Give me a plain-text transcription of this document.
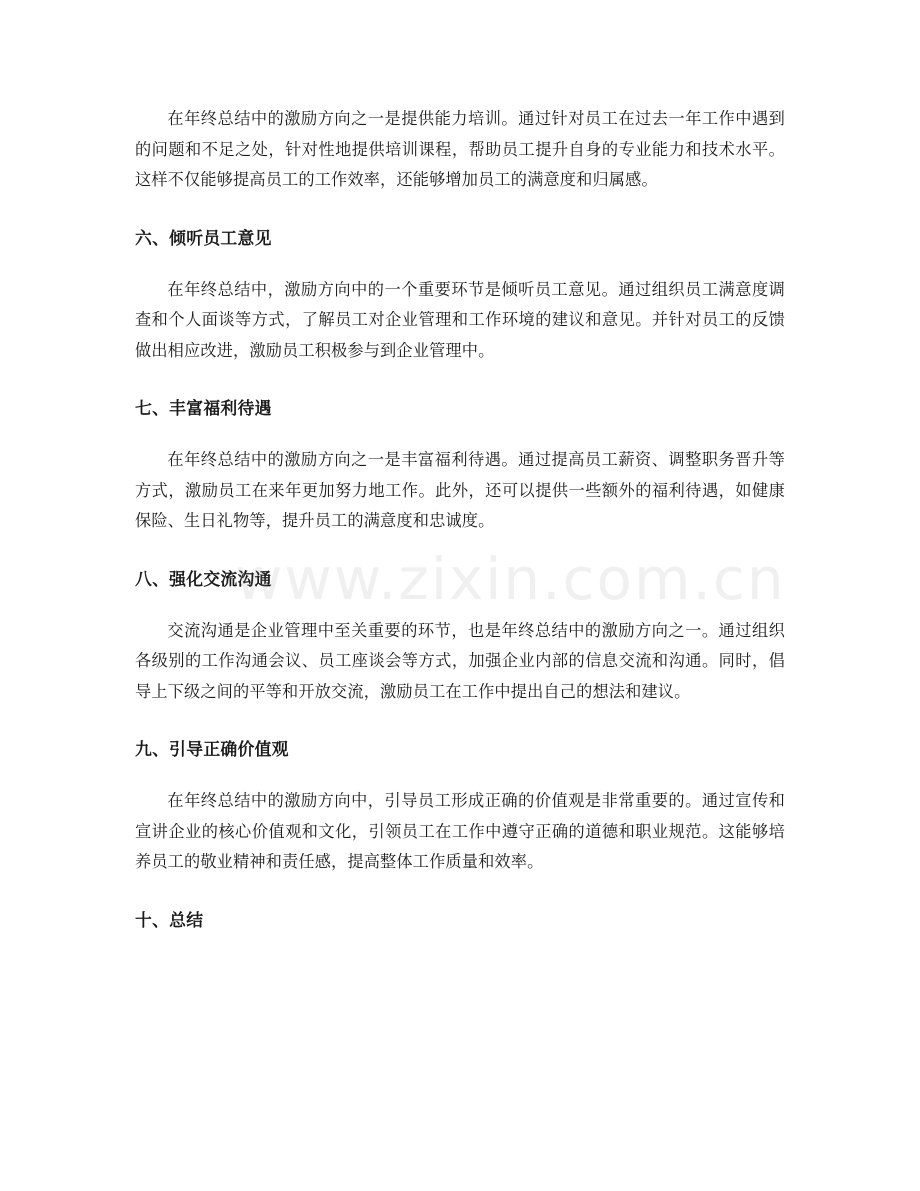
在年终总结中的激励方向之一是提供能力培训。通过针对员工在过去一年工作中遇到的问题和不足之处，针对性地提供培训课程，帮助员工提升自身的专业能力和技术水平。这样不仅能够提高员工的工作效率，还能够增加员工的满意度和归属感。

六、倾听员工意见

在年终总结中，激励方向中的一个重要环节是倾听员工意见。通过组织员工满意度调查和个人面谈等方式，了解员工对企业管理和工作环境的建议和意见。并针对员工的反馈做出相应改进，激励员工积极参与到企业管理中。

七、丰富福利待遇

在年终总结中的激励方向之一是丰富福利待遇。通过提高员工薪资、调整职务晋升等方式，激励员工在来年更加努力地工作。此外，还可以提供一些额外的福利待遇，如健康保险、生日礼物等，提升员工的满意度和忠诚度。

八、强化交流沟通

交流沟通是企业管理中至关重要的环节，也是年终总结中的激励方向之一。通过组织各级别的工作沟通会议、员工座谈会等方式，加强企业内部的信息交流和沟通。同时，倡导上下级之间的平等和开放交流，激励员工在工作中提出自己的想法和建议。

九、引导正确价值观

在年终总结中的激励方向中，引导员工形成正确的价值观是非常重要的。通过宣传和宣讲企业的核心价值观和文化，引领员工在工作中遵守正确的道德和职业规范。这能够培养员工的敬业精神和责任感，提高整体工作质量和效率。

十、总结
www.zixin.com.cn
